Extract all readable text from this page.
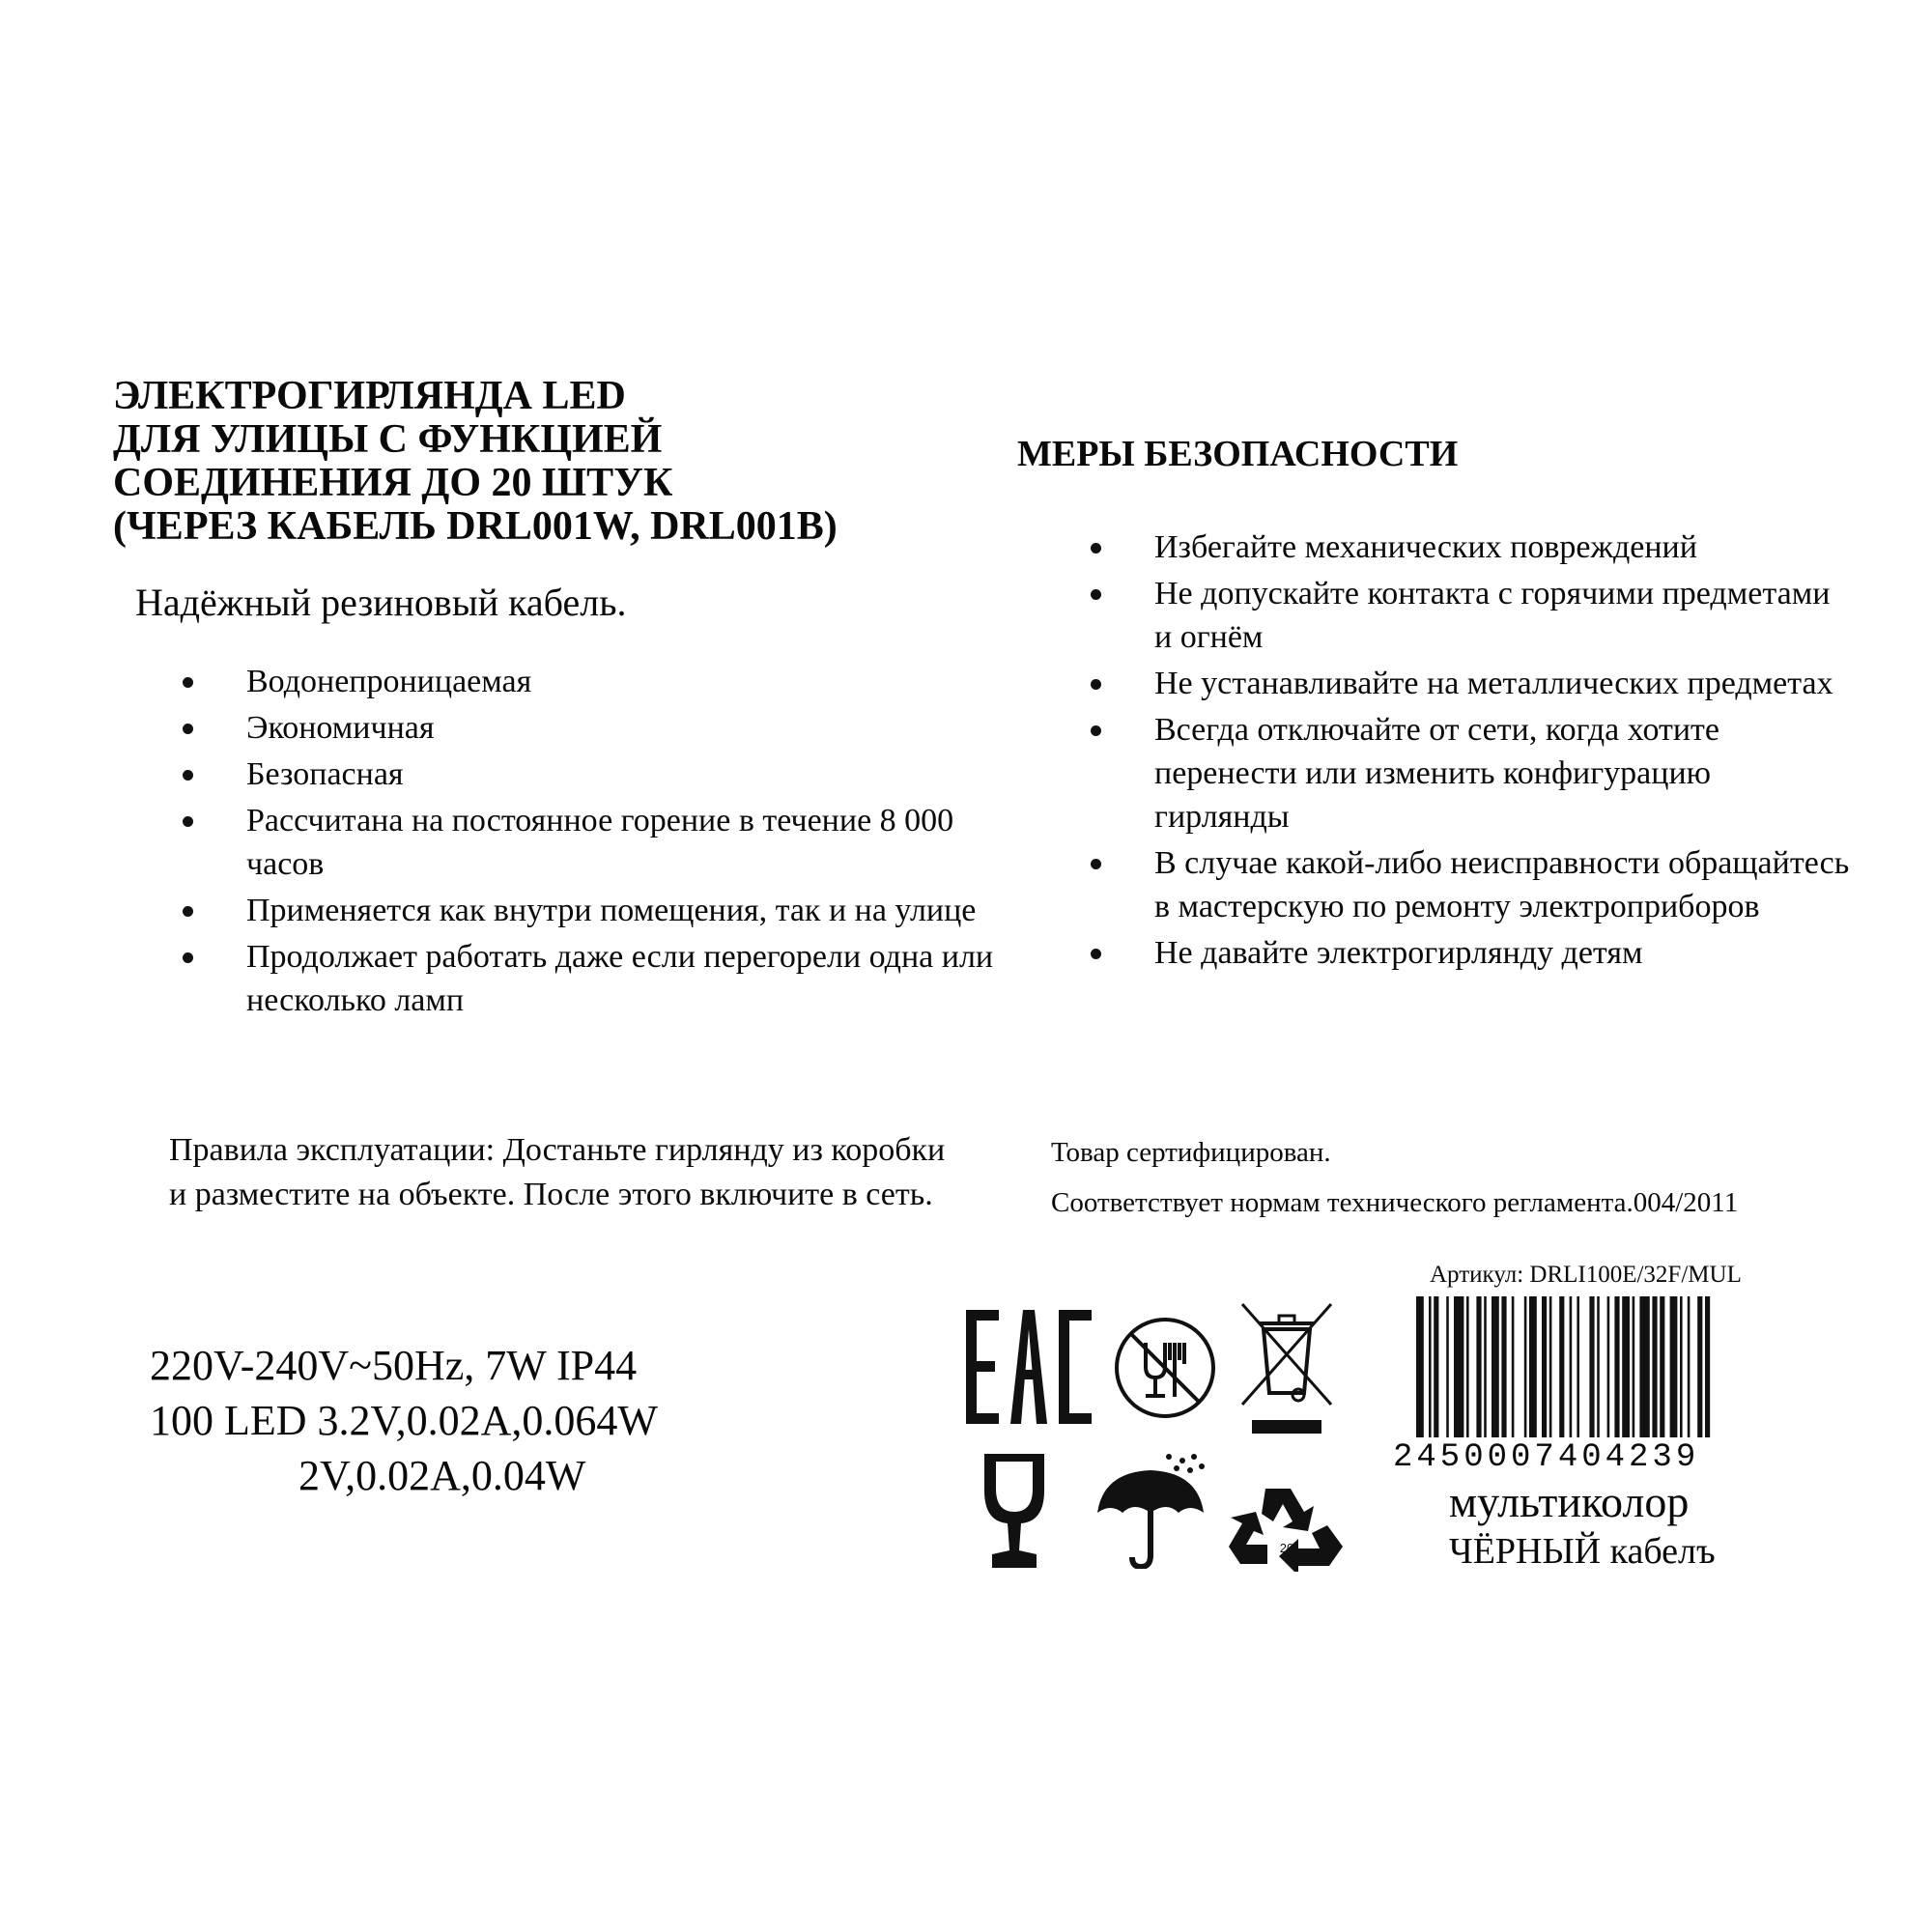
ЭЛЕКТРОГИРЛЯНДА LED
ДЛЯ УЛИЦЫ С ФУНКЦИЕЙ
СОЕДИНЕНИЯ ДО 20 ШТУК
(ЧЕРЕЗ КАБЕЛЬ DRL001W, DRL001B)
Надёжный резиновый кабель.
Водонепроницаемая
Экономичная
Безопасная
Рассчитана на постоянное горение в течение 8 000 часов
Применяется как внутри помещения, так и на улице
Продолжает работать даже если перегорели одна или несколько ламп
МЕРЫ БЕЗОПАСНОСТИ
Избегайте механических повреждений
Не допускайте контакта с горячими предметами и огнём
Не устанавливайте на металлических предметах
Всегда отключайте от сети, когда хотите перенести или изменить конфигурацию гирлянды
В случае какой-либо неисправности обращайтесь в мастерскую по ремонту электроприборов
Не давайте электрогирлянду детям
Правила эксплуатации: Достаньте гирлянду из коробки и разместите на объекте. После этого включите в сеть.
Товар сертифицирован.
Соответствует нормам технического регламента.004/2011
220V-240V~50Hz, 7W IP44
100 LED 3.2V,0.02A,0.064W
2V,0.02A,0.04W
20
Артикул: DRLI100E/32F/MUL
2450007404239
мультиколор
ЧЁРНЫЙ кабелъ
